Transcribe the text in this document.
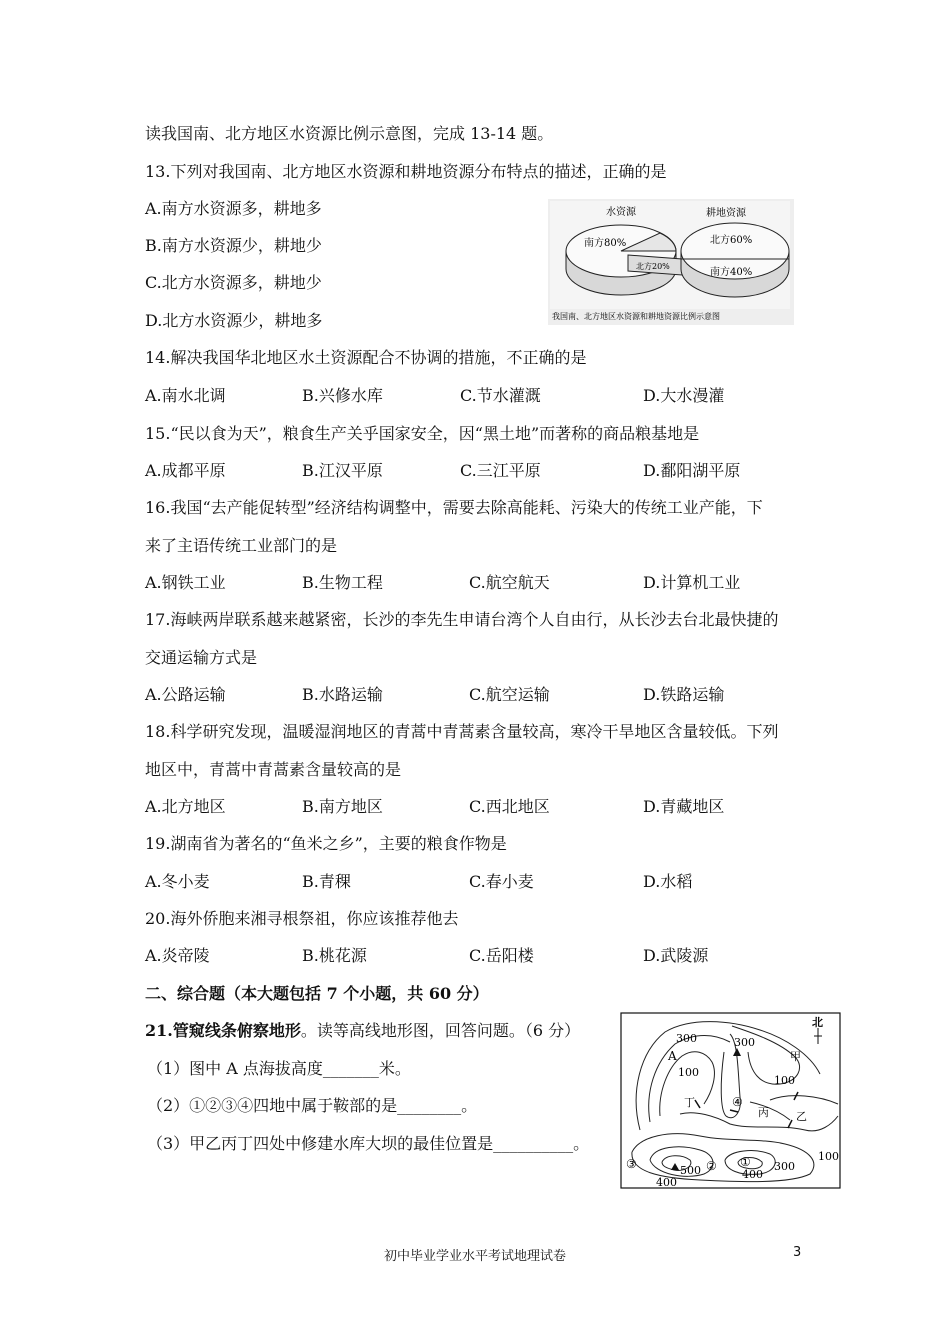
读我国南、北方地区水资源比例示意图，完成 13-14 题。
13.下列对我国南、北方地区水资源和耕地资源分布特点的描述，正确的是
A.南方水资源多，耕地多
B.南方水资源少，耕地少
C.北方水资源多，耕地少
D.北方水资源少，耕地多
水资源	耕地资源
南方80%
北方20%
北方60%
南方40%
我国南、北方地区水资源和耕地资源比例示意图
14.解决我国华北地区水土资源配合不协调的措施，不正确的是
A.南水北调	B.兴修水库	C.节水灌溉	D.大水漫灌
15.“民以食为天”，粮食生产关乎国家安全，因“黑土地”而著称的商品粮基地是
A.成都平原	B.江汉平原	C.三江平原	D.鄱阳湖平原
16.我国“去产能促转型”经济结构调整中，需要去除高能耗、污染大的传统工业产能，下
来了主语传统工业部门的是
A.钢铁工业	B.生物工程	C.航空航天	D.计算机工业
17.海峡两岸联系越来越紧密，长沙的李先生申请台湾个人自由行，从长沙去台北最快捷的
交通运输方式是
A.公路运输	B.水路运输	C.航空运输	D.铁路运输
18.科学研究发现，温暖湿润地区的青蒿中青蒿素含量较高，寒冷干旱地区含量较低。下列
地区中，青蒿中青蒿素含量较高的是
A.北方地区	B.南方地区	C.西北地区	D.青藏地区
19.湖南省为著名的“鱼米之乡”，主要的粮食作物是
A.冬小麦	B.青稞	C.春小麦	D.水稻
20.海外侨胞来湘寻根祭祖，你应该推荐他去
A.炎帝陵	B.桃花源	C.岳阳楼	D.武陵源
二、综合题（本大题包括 7 个小题，共 60 分）
21.管窥线条俯察地形。读等高线地形图，回答问题。（6 分）
（1）图中 A 点海拔高度_______米。
（2）①②③④四地中属于鞍部的是________。
（3）甲乙丙丁四处中修建水库大坝的最佳位置是__________。
北
300
A
100
300
甲
100
④
丁
丙 乙
③	500 ② ①
400
300
100
400
初中毕业学业水平考试地理试卷	3
